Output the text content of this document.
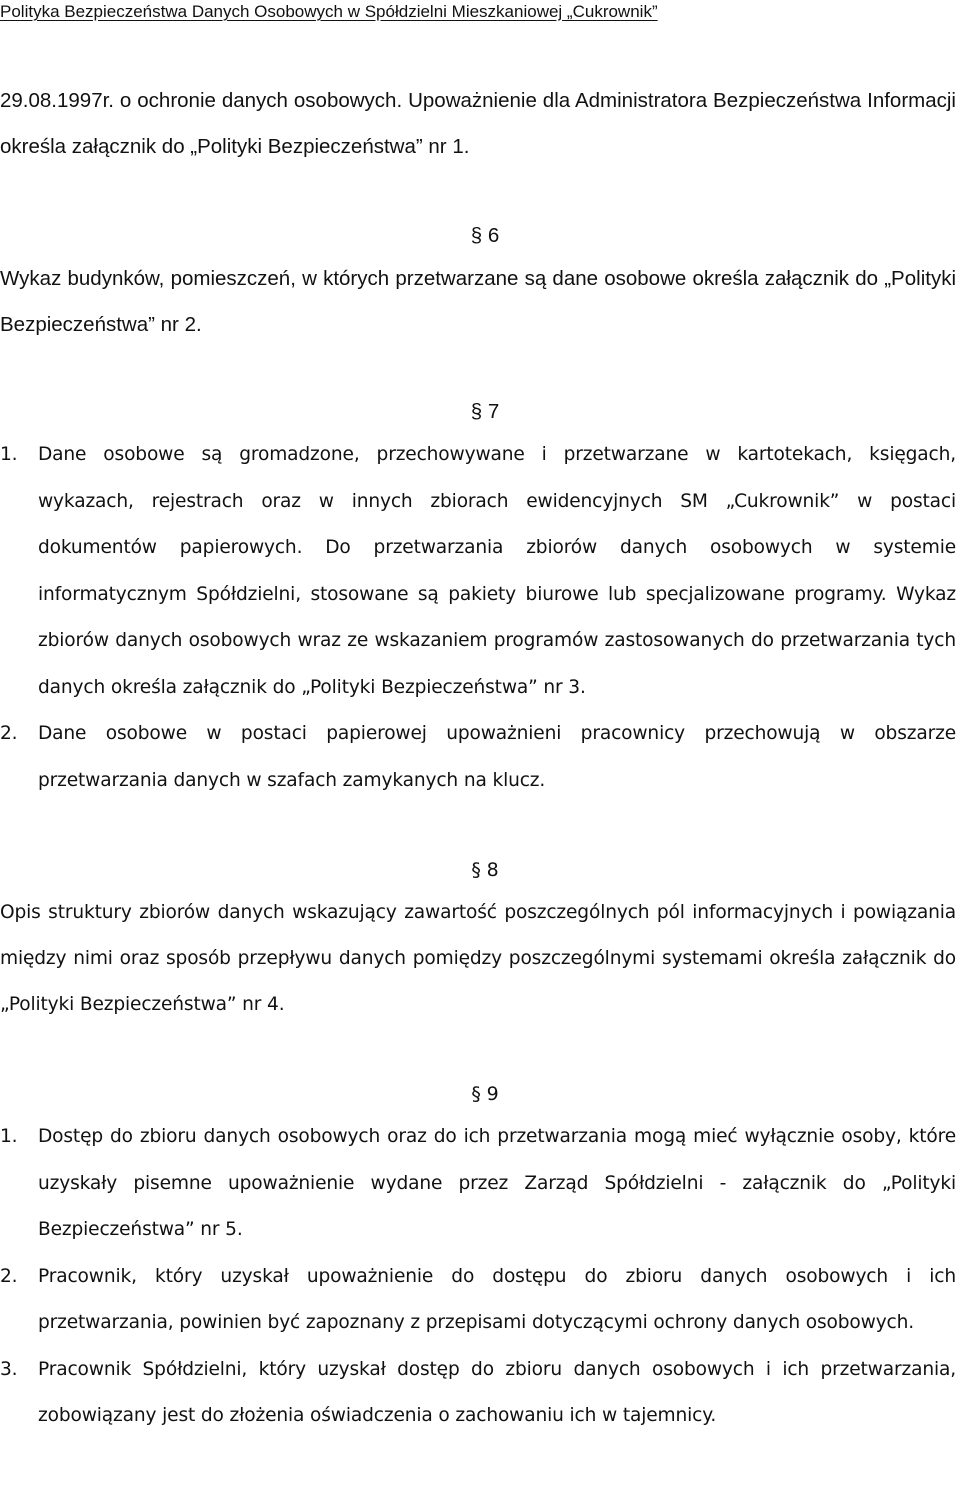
Polityka Bezpieczeństwa Danych Osobowych w Spółdzielni Mieszkaniowej „Cukrownik”

29.08.1997r. o ochronie danych osobowych. Upoważnienie dla Administratora Bezpieczeństwa Informacji określa załącznik do „Polityki Bezpieczeństwa” nr 1.

§ 6

Wykaz budynków, pomieszczeń, w których przetwarzane są dane osobowe określa załącznik do „Polityki Bezpieczeństwa” nr 2.

§ 7

1. Dane osobowe są gromadzone, przechowywane i przetwarzane w kartotekach, księgach, wykazach, rejestrach oraz w innych zbiorach ewidencyjnych SM „Cukrownik” w postaci dokumentów papierowych. Do przetwarzania zbiorów danych osobowych w systemie informatycznym Spółdzielni, stosowane są pakiety biurowe lub specjalizowane programy. Wykaz zbiorów danych osobowych wraz ze wskazaniem programów zastosowanych do przetwarzania tych danych określa załącznik do „Polityki Bezpieczeństwa” nr 3.
2. Dane osobowe w postaci papierowej upoważnieni pracownicy przechowują w obszarze przetwarzania danych w szafach zamykanych na klucz.

§ 8

Opis struktury zbiorów danych wskazujący zawartość poszczególnych pól informacyjnych i powiązania między nimi oraz sposób przepływu danych pomiędzy poszczególnymi systemami określa załącznik do „Polityki Bezpieczeństwa” nr 4.

§ 9

1. Dostęp do zbioru danych osobowych oraz do ich przetwarzania mogą mieć wyłącznie osoby, które uzyskały pisemne upoważnienie wydane przez Zarząd Spółdzielni - załącznik do „Polityki Bezpieczeństwa” nr 5.
2. Pracownik, który uzyskał upoważnienie do dostępu do zbioru danych osobowych i ich przetwarzania, powinien być zapoznany z przepisami dotyczącymi ochrony danych osobowych.
3. Pracownik Spółdzielni, który uzyskał dostęp do zbioru danych osobowych i ich przetwarzania, zobowiązany jest do złożenia oświadczenia o zachowaniu ich w tajemnicy.
